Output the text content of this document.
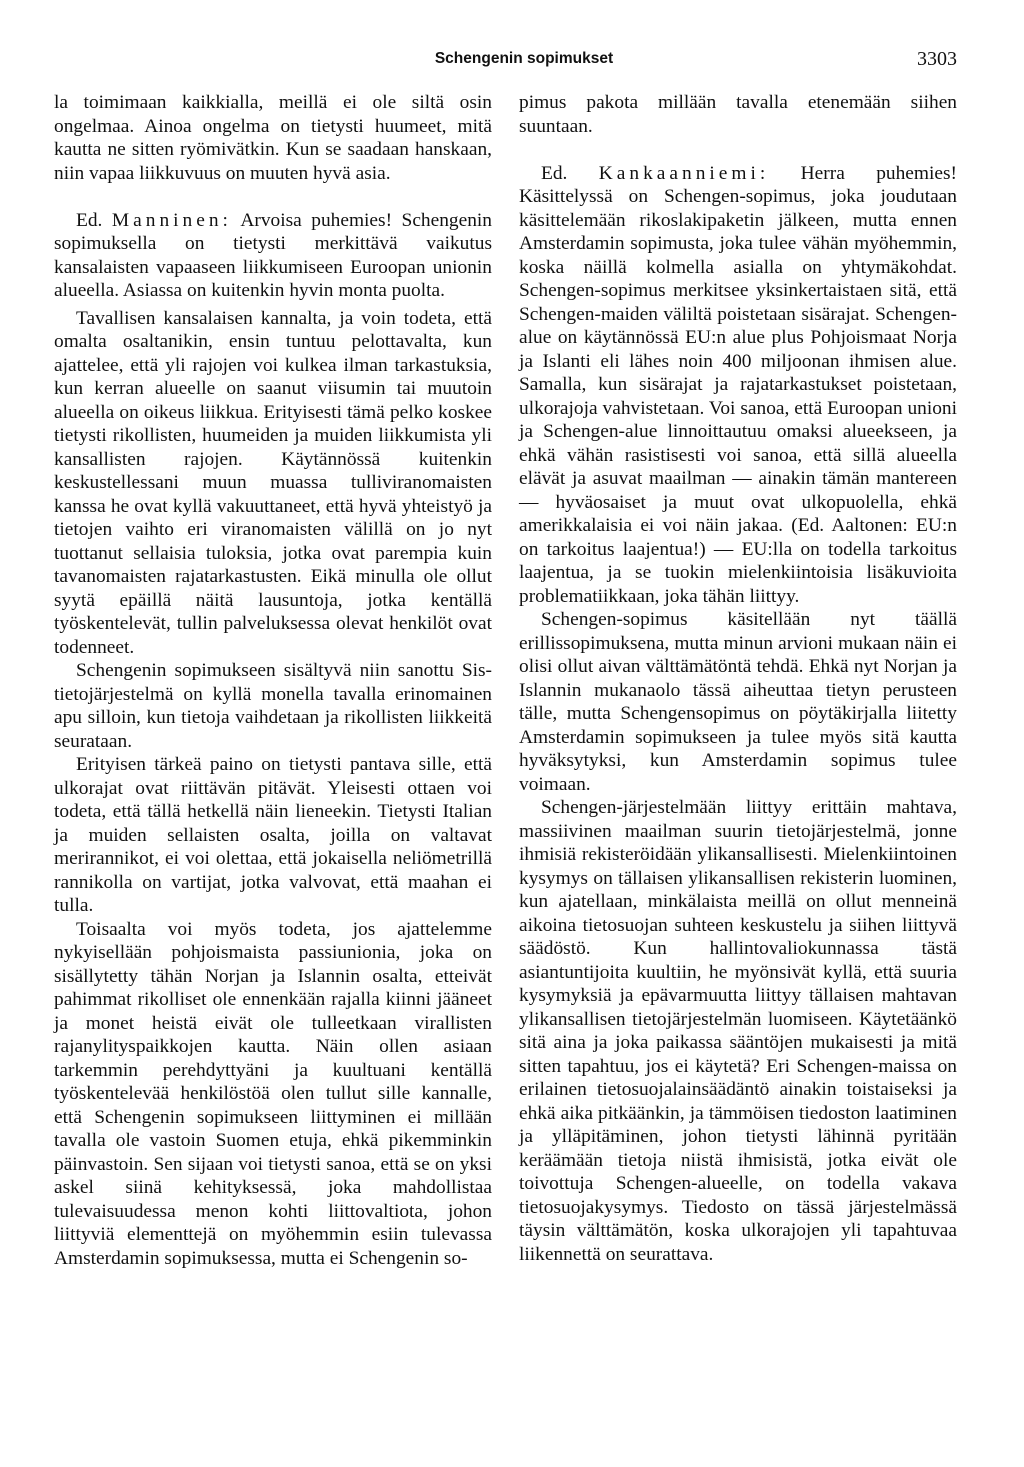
Schengenin sopimukset	3303

la toimimaan kaikkialla, meillä ei ole siltä osin ongelmaa. Ainoa ongelma on tietysti huumeet, mitä kautta ne sitten ryömivätkin. Kun se saadaan hanskaan, niin vapaa liikkuvuus on muuten hyvä asia.

Ed. Manninen: Arvoisa puhemies! Schengenin sopimuksella on tietysti merkittävä vaikutus kansalaisten vapaaseen liikkumiseen Euroopan unionin alueella. Asiassa on kuitenkin hyvin monta puolta.

Tavallisen kansalaisen kannalta, ja voin todeta, että omalta osaltanikin, ensin tuntuu pelottavalta, kun ajattelee, että yli rajojen voi kulkea ilman tarkastuksia, kun kerran alueelle on saanut viisumin tai muutoin alueella on oikeus liikkua. Erityisesti tämä pelko koskee tietysti rikollisten, huumeiden ja muiden liikkumista yli kansallisten rajojen. Käytännössä kuitenkin keskustellessani muun muassa tulliviranomaisten kanssa he ovat kyllä vakuuttaneet, että hyvä yhteistyö ja tietojen vaihto eri viranomaisten välillä on jo nyt tuottanut sellaisia tuloksia, jotka ovat parempia kuin tavanomaisten rajatarkastusten. Eikä minulla ole ollut syytä epäillä näitä lausuntoja, jotka kentällä työskentelevät, tullin palveluksessa olevat henkilöt ovat todenneet.

Schengenin sopimukseen sisältyvä niin sanottu Sis-tietojärjestelmä on kyllä monella tavalla erinomainen apu silloin, kun tietoja vaihdetaan ja rikollisten liikkeitä seurataan.

Erityisen tärkeä paino on tietysti pantava sille, että ulkorajat ovat riittävän pitävät. Yleisesti ottaen voi todeta, että tällä hetkellä näin lieneekin. Tietysti Italian ja muiden sellaisten osalta, joilla on valtavat merirannikot, ei voi olettaa, että jokaisella neliömetrillä rannikolla on vartijat, jotka valvovat, että maahan ei tulla.

Toisaalta voi myös todeta, jos ajattelemme nykyisellään pohjoismaista passiunionia, joka on sisällytetty tähän Norjan ja Islannin osalta, etteivät pahimmat rikolliset ole ennenkään rajalla kiinni jääneet ja monet heistä eivät ole tulleetkaan virallisten rajanylityspaikkojen kautta. Näin ollen asiaan tarkemmin perehdyttyäni ja kuultuani kentällä työskentelevää henkilöstöä olen tullut sille kannalle, että Schengenin sopimukseen liittyminen ei millään tavalla ole vastoin Suomen etuja, ehkä pikemminkin päinvastoin. Sen sijaan voi tietysti sanoa, että se on yksi askel siinä kehityksessä, joka mahdollistaa tulevaisuudessa menon kohti liittovaltiota, johon liittyviä elementtejä on myöhemmin esiin tulevassa Amsterdamin sopimuksessa, mutta ei Schengenin so-

pimus pakota millään tavalla etenemään siihen suuntaan.

Ed. Kankaanniemi: Herra puhemies! Käsittelyssä on Schengen-sopimus, joka joudutaan käsittelemään rikoslakipaketin jälkeen, mutta ennen Amsterdamin sopimusta, joka tulee vähän myöhemmin, koska näillä kolmella asialla on yhtymäkohdat. Schengen-sopimus merkitsee yksinkertaistaen sitä, että Schengen-maiden väliltä poistetaan sisärajat. Schengen-alue on käytännössä EU:n alue plus Pohjoismaat Norja ja Islanti eli lähes noin 400 miljoonan ihmisen alue. Samalla, kun sisärajat ja rajatarkastukset poistetaan, ulkorajoja vahvistetaan. Voi sanoa, että Euroopan unioni ja Schengen-alue linnoittautuu omaksi alueekseen, ja ehkä vähän rasistisesti voi sanoa, että sillä alueella elävät ja asuvat maailman — ainakin tämän mantereen — hyväosaiset ja muut ovat ulkopuolella, ehkä amerikkalaisia ei voi näin jakaa. (Ed. Aaltonen: EU:n on tarkoitus laajentua!) — EU:lla on todella tarkoitus laajentua, ja se tuokin mielenkiintoisia lisäkuvioita problematiikkaan, joka tähän liittyy.

Schengen-sopimus käsitellään nyt täällä erillissopimuksena, mutta minun arvioni mukaan näin ei olisi ollut aivan välttämätöntä tehdä. Ehkä nyt Norjan ja Islannin mukanaolo tässä aiheuttaa tietyn perusteen tälle, mutta Schengensopimus on pöytäkirjalla liitetty Amsterdamin sopimukseen ja tulee myös sitä kautta hyväksytyksi, kun Amsterdamin sopimus tulee voimaan.

Schengen-järjestelmään liittyy erittäin mahtava, massiivinen maailman suurin tietojärjestelmä, jonne ihmisiä rekisteröidään ylikansallisesti. Mielenkiintoinen kysymys on tällaisen ylikansallisen rekisterin luominen, kun ajatellaan, minkälaista meillä on ollut menneinä aikoina tietosuojan suhteen keskustelu ja siihen liittyvä säädöstö. Kun hallintovaliokunnassa tästä asiantuntijoita kuultiin, he myönsivät kyllä, että suuria kysymyksiä ja epävarmuutta liittyy tällaisen mahtavan ylikansallisen tietojärjestelmän luomiseen. Käytetäänkö sitä aina ja joka paikassa sääntöjen mukaisesti ja mitä sitten tapahtuu, jos ei käytetä? Eri Schengen-maissa on erilainen tietosuojalainsäädäntö ainakin toistaiseksi ja ehkä aika pitkäänkin, ja tämmöisen tiedoston laatiminen ja ylläpitäminen, johon tietysti lähinnä pyritään keräämään tietoja niistä ihmisistä, jotka eivät ole toivottuja Schengen-alueelle, on todella vakava tietosuojakysymys. Tiedosto on tässä järjestelmässä täysin välttämätön, koska ulkorajojen yli tapahtuvaa liikennettä on seurattava.
